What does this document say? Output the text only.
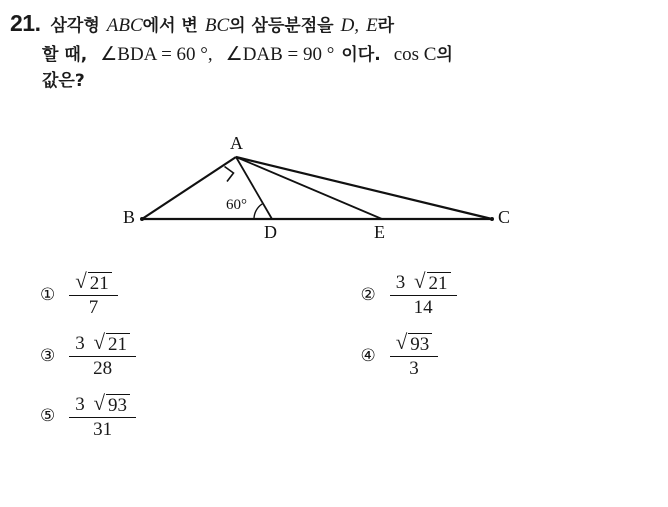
21. 삼각형 ABC 에서 변 BC 의 삼등분점을 D, E 라
할 때, ∠BDA = 60 ° , ∠DAB = 90 ° 이다. cos C 의
값은?
A
B	C
D	E
60°
① $\frac{√ 21}{7}$	② $\frac{3 √ 21}{14}$
③ $\frac{3 √ 21}{28}$	④ $\frac{√ 93}{3}$
⑤ $\frac{3 √ 93}{31}$
